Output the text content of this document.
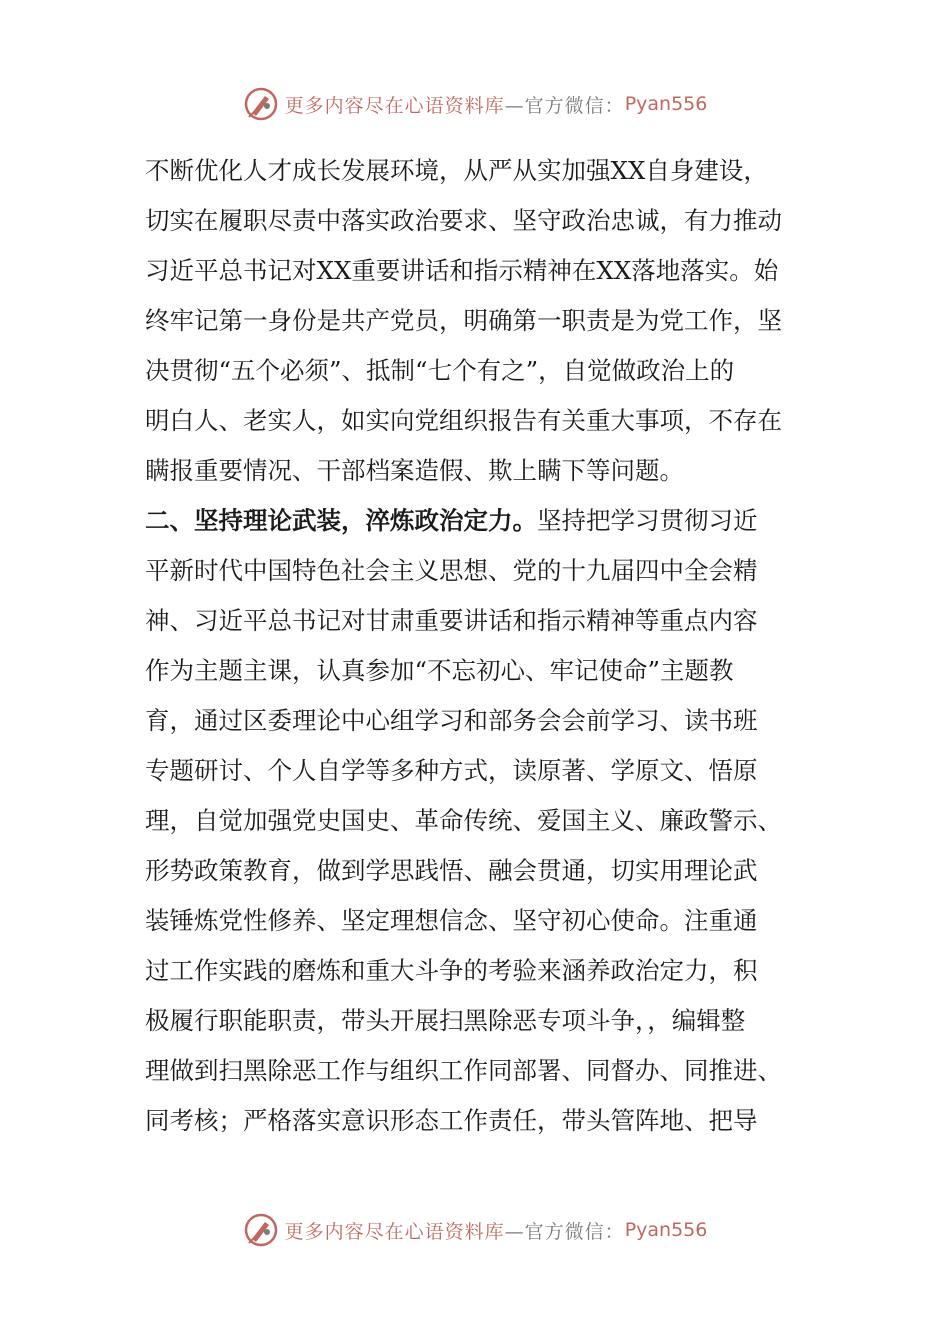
更多内容尽在心语资料库 —官方微信： Pyan556
不断优化人才成长发展环境，从严从实加强XX自身建设，
切实在履职尽责中落实政治要求、坚守政治忠诚，有力推动
习近平总书记对XX重要讲话和指示精神在XX落地落实。始
终牢记第一身份是共产党员，明确第一职责是为党工作，坚
决贯彻“五个必须”、抵制“七个有之”，自觉做政治上的
明白人、老实人，如实向党组织报告有关重大事项，不存在
瞒报重要情况、干部档案造假、欺上瞒下等问题。
二、坚持理论武装，淬炼政治定力。坚持把学习贯彻习近
平新时代中国特色社会主义思想、党的十九届四中全会精
神、习近平总书记对甘肃重要讲话和指示精神等重点内容
作为主题主课，认真参加“不忘初心、牢记使命”主题教
育，通过区委理论中心组学习和部务会会前学习、读书班
专题研讨、个人自学等多种方式，读原著、学原文、悟原
理，自觉加强党史国史、革命传统、爱国主义、廉政警示、
形势政策教育，做到学思践悟、融会贯通，切实用理论武
装锤炼党性修养、坚定理想信念、坚守初心使命。注重通
过工作实践的磨炼和重大斗争的考验来涵养政治定力，积
极履行职能职责，带头开展扫黑除恶专项斗争，，编辑整
理做到扫黑除恶工作与组织工作同部署、同督办、同推进、
同考核；严格落实意识形态工作责任，带头管阵地、把导
更多内容尽在心语资料库 —官方微信： Pyan556
